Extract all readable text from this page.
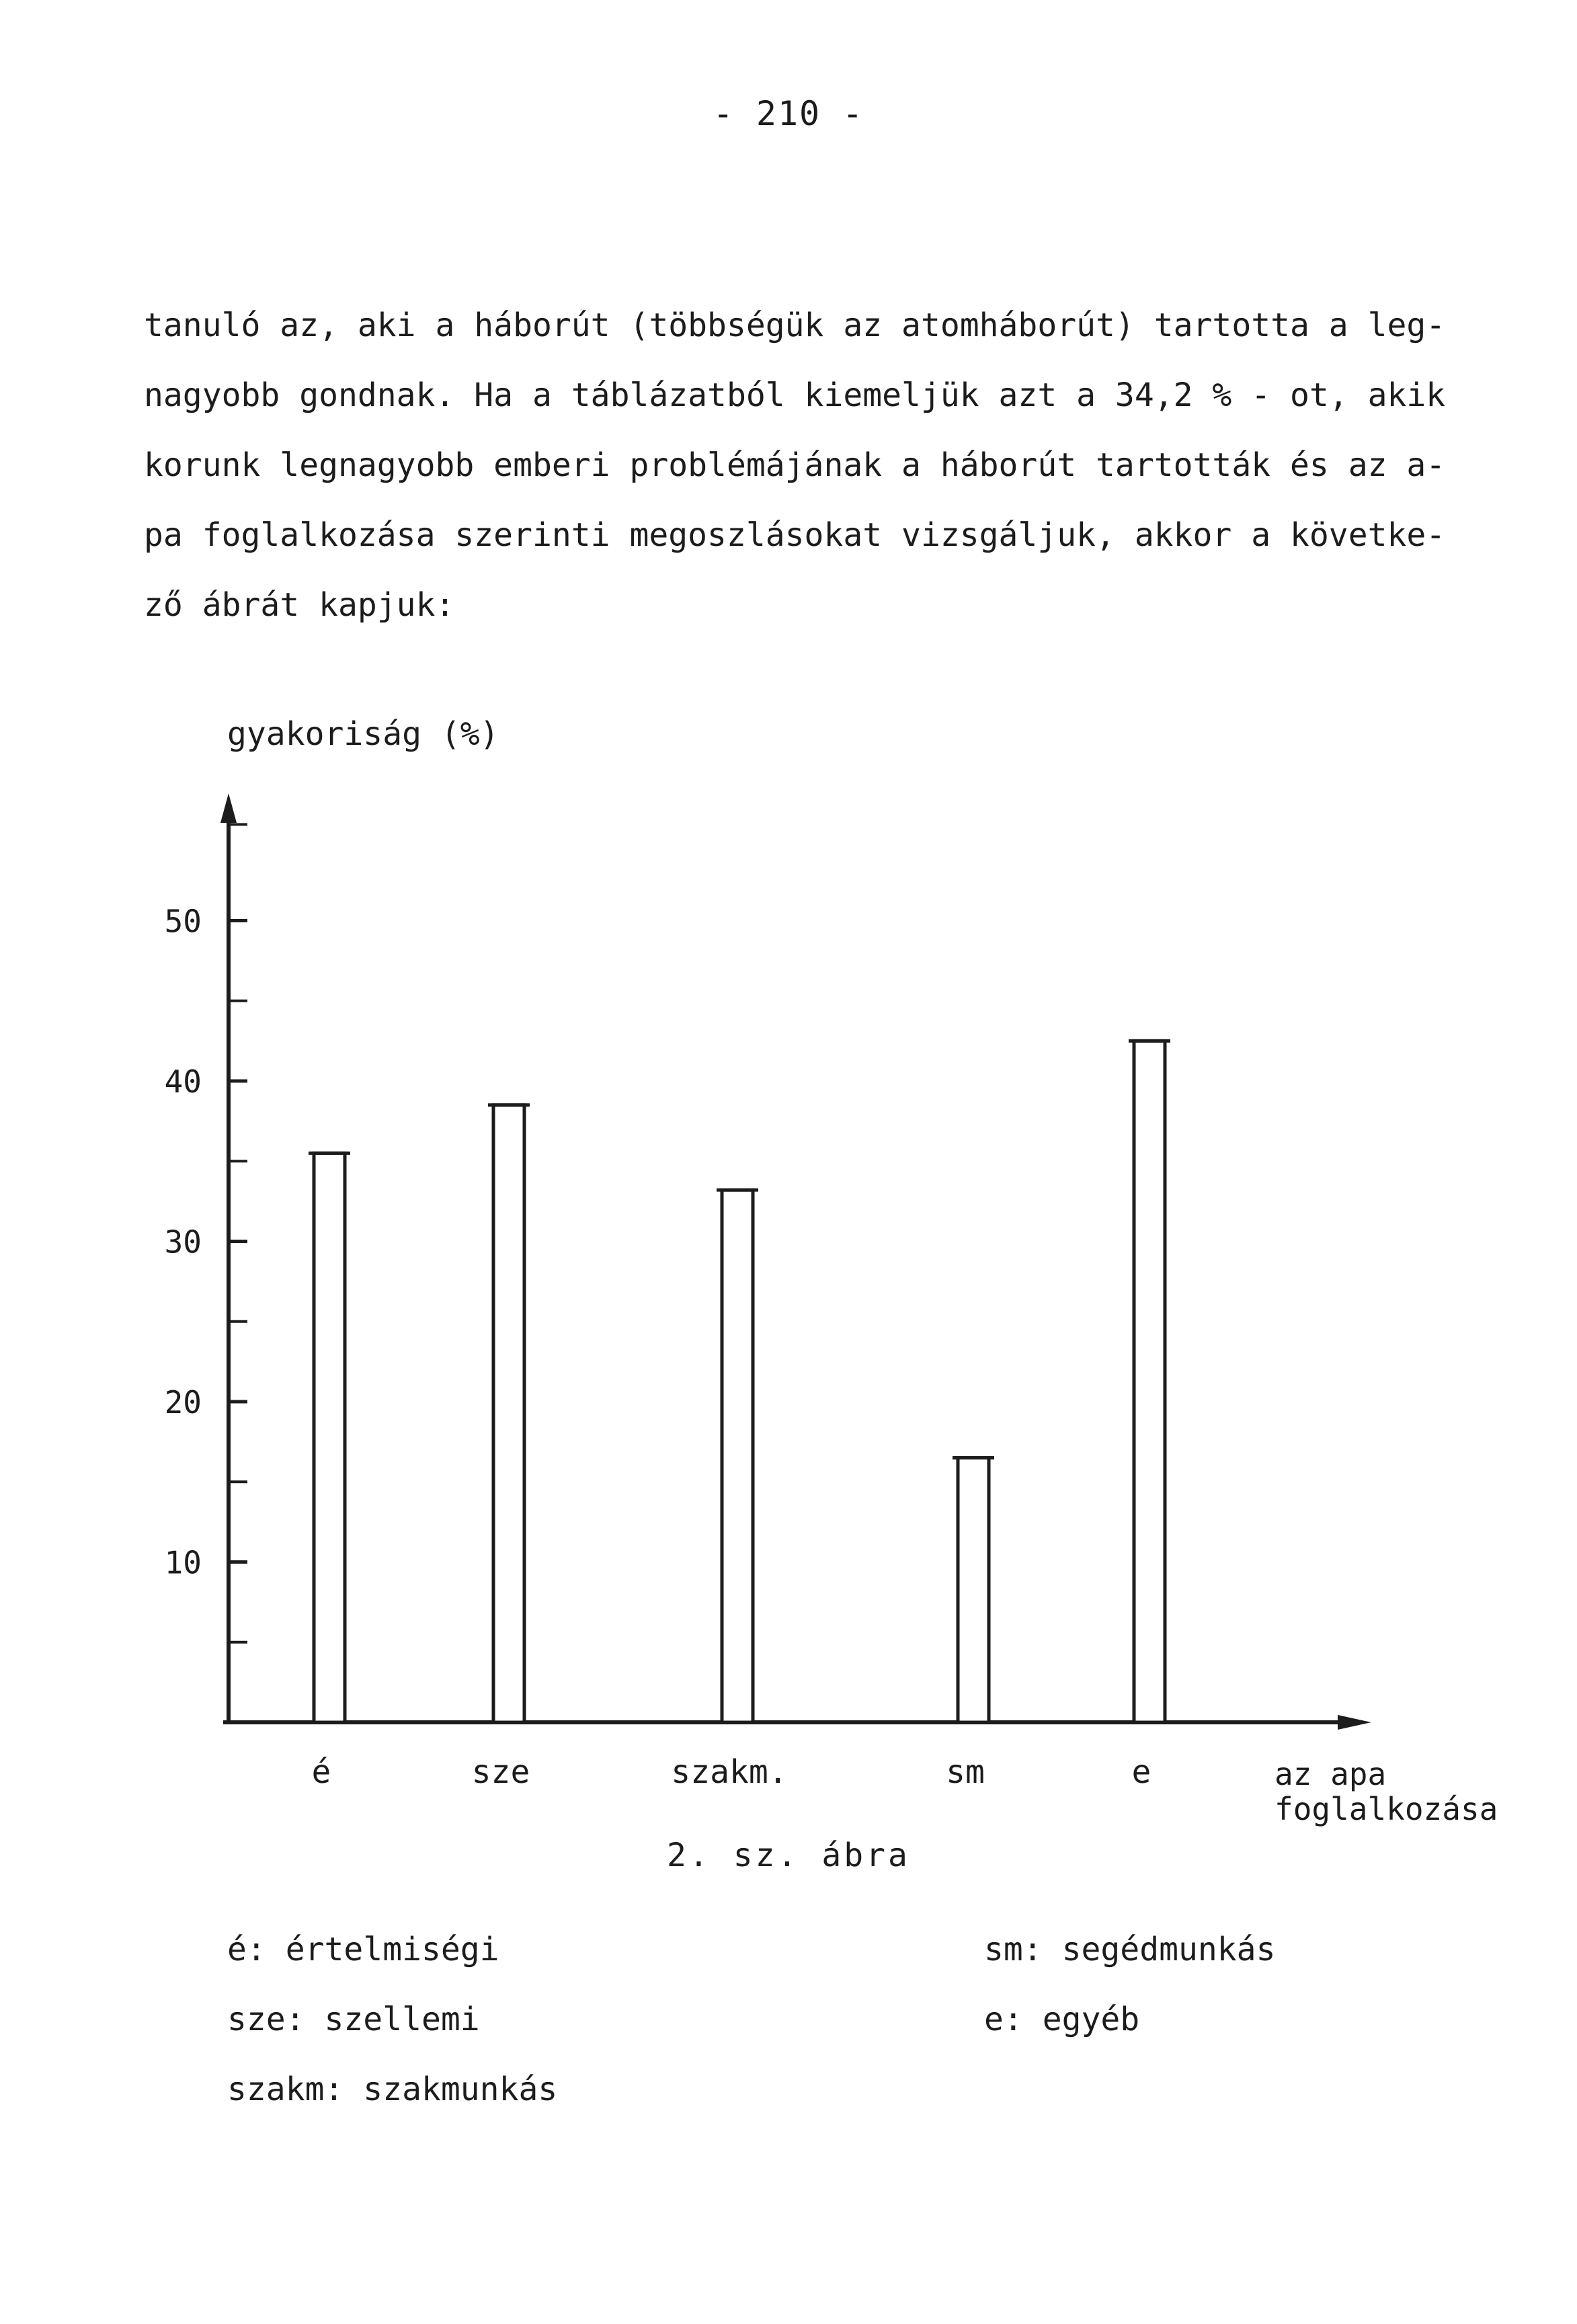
- 210 -
tanuló az, aki a háborút (többségük az atomháborút) tartotta a leg-
nagyobb gondnak. Ha a táblázatból kiemeljük azt a 34,2 % - ot, akik
korunk legnagyobb emberi problémájának a háborút tartották és az a-
pa foglalkozása szerinti megoszlásokat vizsgáljuk, akkor a követke-
ző ábrát kapjuk:
10
20
30
40
50
gyakoriság (%)
é	sze	szakm.	sm	e	az apa
foglalkozása
2. sz. ábra
é: értelmiségi
sze: szellemi
szakm: szakmunkás
sm: segédmunkás
e: egyéb
